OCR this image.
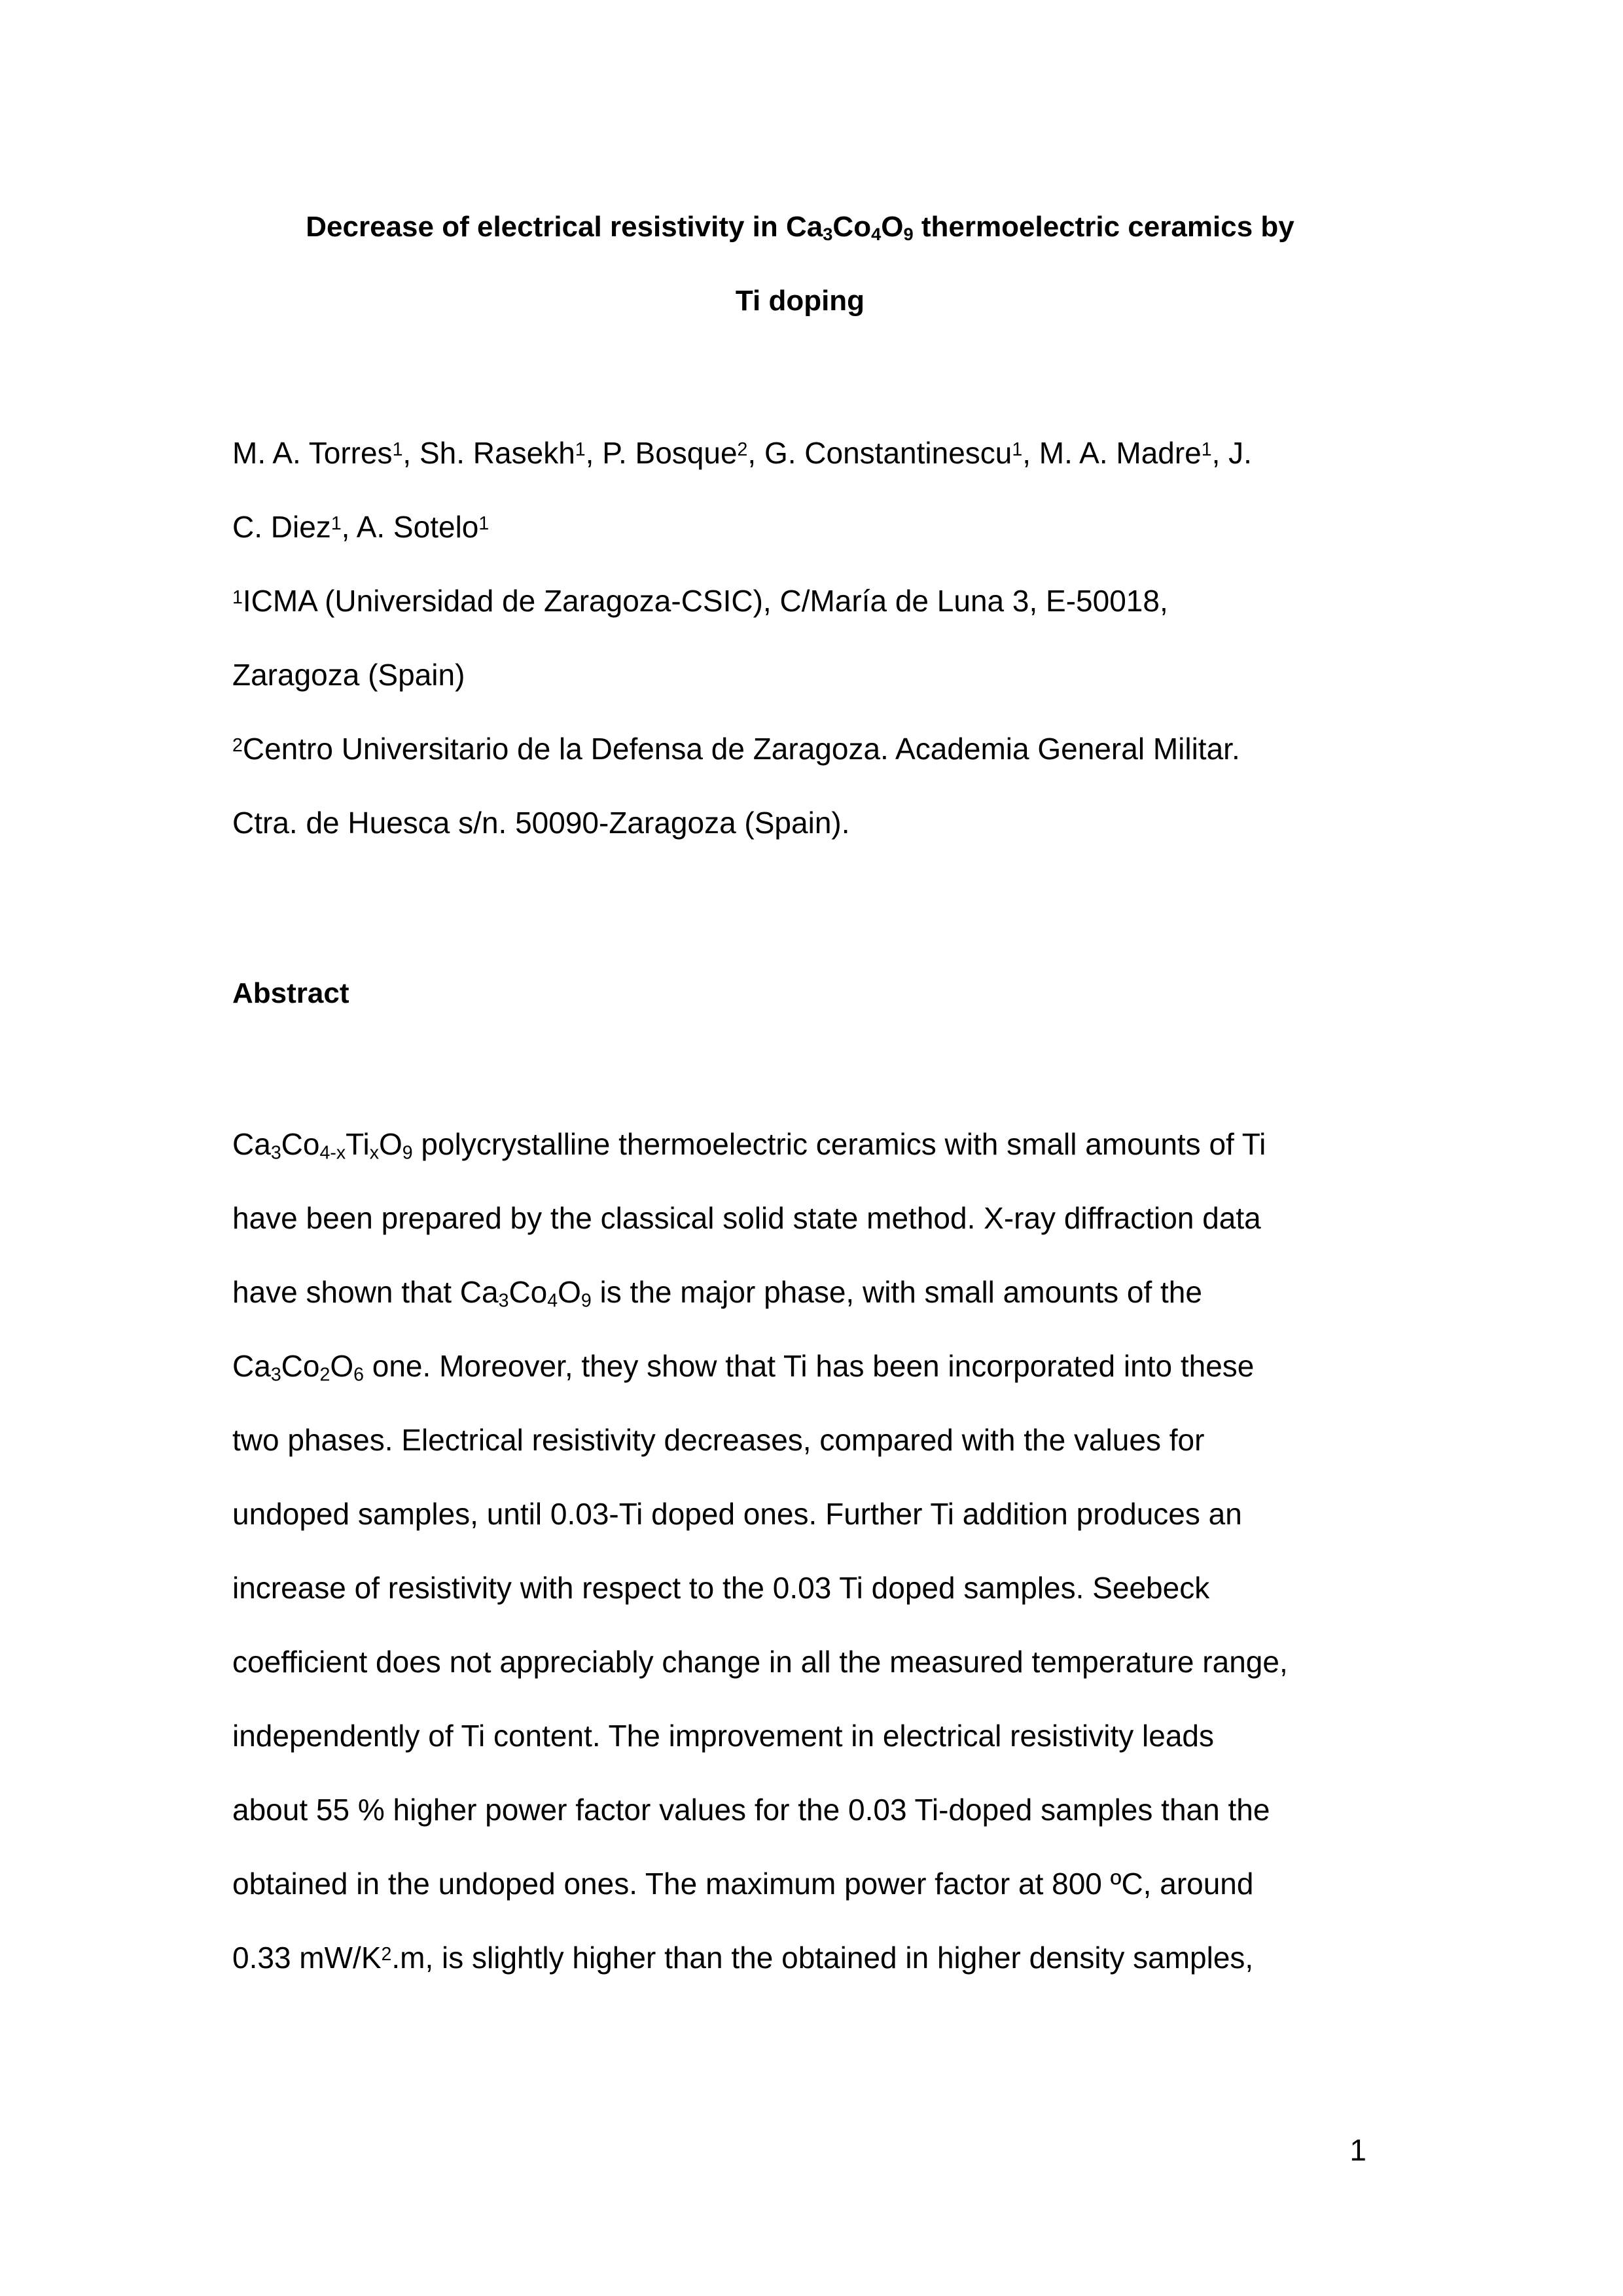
Decrease of electrical resistivity in $Ca_3Co_4O_9$ thermoelectric ceramics by
Ti doping
M. A. Torres$^1$, Sh. Rasekh$^1$, P. Bosque$^2$, G. Constantinescu$^1$, M. A. Madre$^1$, J.
C. Diez$^1$, A. Sotelo$^1$
$^1$ICMA (Universidad de Zaragoza-CSIC), C/María de Luna 3, E-50018,
Zaragoza (Spain)
$^2$Centro Universitario de la Defensa de Zaragoza. Academia General Militar.
Ctra. de Huesca s/n. 50090-Zaragoza (Spain).
Abstract
$Ca_3Co_{4-x}Ti_xO_9$ polycrystalline thermoelectric ceramics with small amounts of Ti
have been prepared by the classical solid state method. X-ray diffraction data
have shown that $Ca_3Co_4O_9$ is the major phase, with small amounts of the
$Ca_3Co_2O_6$ one. Moreover, they show that Ti has been incorporated into these
two phases. Electrical resistivity decreases, compared with the values for
undoped samples, until 0.03-Ti doped ones. Further Ti addition produces an
increase of resistivity with respect to the 0.03 Ti doped samples. Seebeck
coefficient does not appreciably change in all the measured temperature range,
independently of Ti content. The improvement in electrical resistivity leads
about 55 % higher power factor values for the 0.03 Ti-doped samples than the
obtained in the undoped ones. The maximum power factor at 800 ºC, around
0.33 $mW/K^2.m$, is slightly higher than the obtained in higher density samples,
1
